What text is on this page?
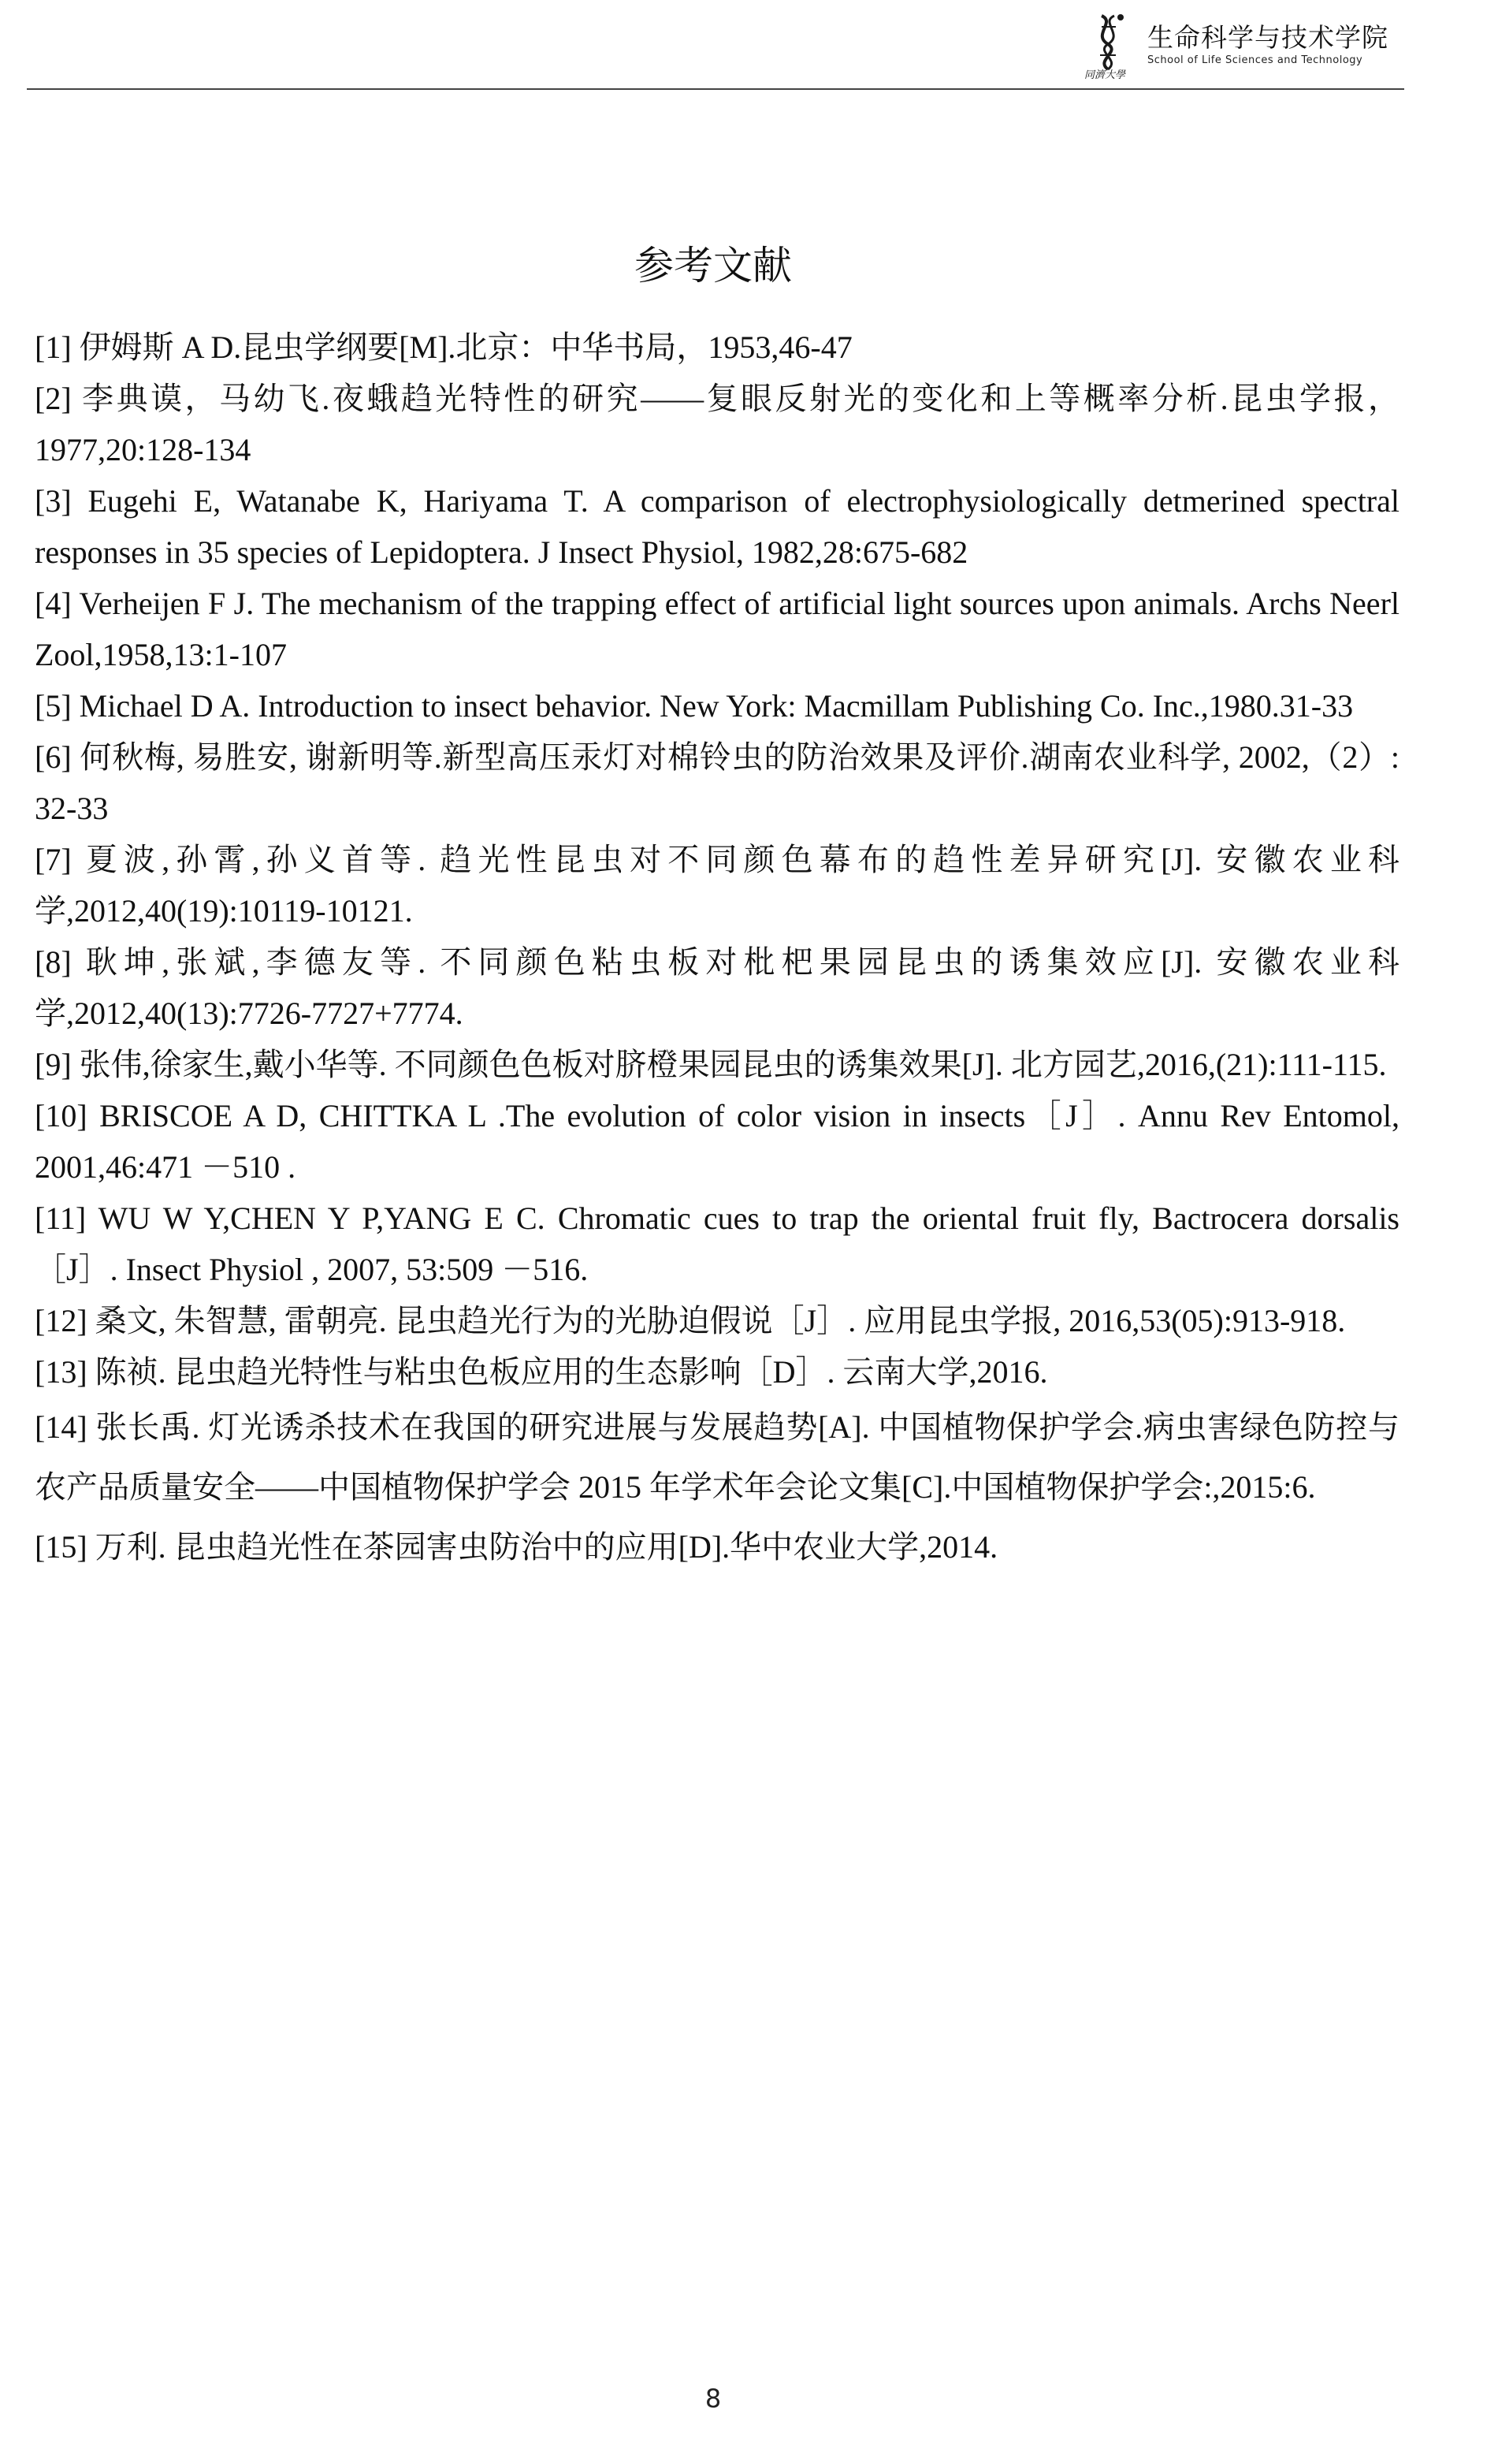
同濟大學
生命科学与技术学院
School of Life Sciences and Technology
参考文献
[1] 伊姆斯 A D.昆虫学纲要[M].北京：中华书局，1953,46-47
[2] 李典谟，马幼飞.夜蛾趋光特性的研究——复眼反射光的变化和上等概率分析.昆虫学报，1977,20:128-134
[3] Eugehi E, Watanabe K, Hariyama T. A comparison of electrophysiologically detmerined spectral responses in 35 species of Lepidoptera. J Insect Physiol, 1982,28:675-682
[4] Verheijen F J. The mechanism of the trapping effect of artificial light sources upon animals. Archs Neerl Zool,1958,13:1-107
[5] Michael D A. Introduction to insect behavior. New York: Macmillam Publishing Co. Inc.,1980.31-33
[6] 何秋梅, 易胜安, 谢新明等.新型高压汞灯对棉铃虫的防治效果及评价.湖南农业科学, 2002,（2）: 32-33
[7] 夏波,孙霄,孙义首等. 趋光性昆虫对不同颜色幕布的趋性差异研究[J]. 安徽农业科学,2012,40(19):10119-10121.
[8] 耿坤,张斌,李德友等. 不同颜色粘虫板对枇杷果园昆虫的诱集效应[J]. 安徽农业科学,2012,40(13):7726-7727+7774.
[9] 张伟,徐家生,戴小华等. 不同颜色色板对脐橙果园昆虫的诱集效果[J]. 北方园艺,2016,(21):111-115.
[10] BRISCOE A D, CHITTKA L .The evolution of color vision in insects［J］. Annu Rev Entomol, 2001,46:471 －510 .
[11] WU W Y,CHEN Y P,YANG E C. Chromatic cues to trap the oriental fruit fly, Bactrocera dorsalis［J］. Insect Physiol , 2007, 53:509 －516.
[12] 桑文, 朱智慧, 雷朝亮. 昆虫趋光行为的光胁迫假说［J］. 应用昆虫学报, 2016,53(05):913-918.
[13] 陈祯. 昆虫趋光特性与粘虫色板应用的生态影响［D］. 云南大学,2016.
[14] 张长禹. 灯光诱杀技术在我国的研究进展与发展趋势[A]. 中国植物保护学会.病虫害绿色防控与农产品质量安全——中国植物保护学会 2015 年学术年会论文集[C].中国植物保护学会:,2015:6.
[15] 万利. 昆虫趋光性在茶园害虫防治中的应用[D].华中农业大学,2014.
8
